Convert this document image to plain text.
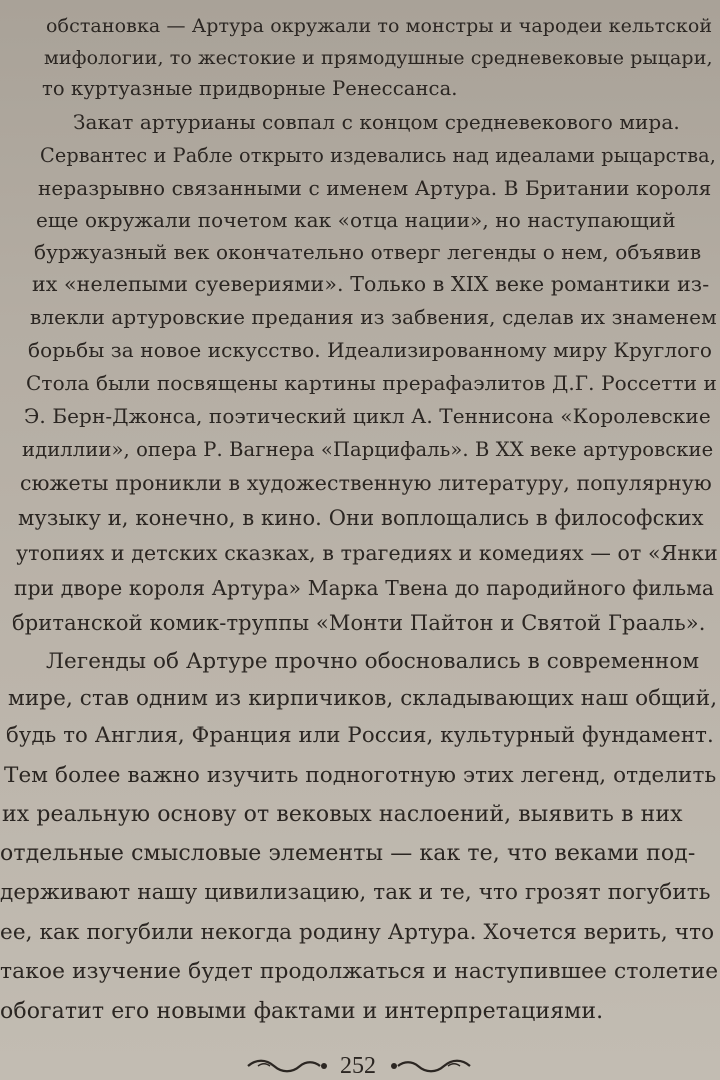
обстановка — Артура окружали то монстры и чародеи кельтской
мифологии, то жестокие и прямодушные средневековые рыцари,
то куртуазные придворные Ренессанса.
Закат артурианы совпал с концом средневекового мира.
Сервантес и Рабле открыто издевались над идеалами рыцарства,
неразрывно связанными с именем Артура. В Британии короля
еще окружали почетом как «отца нации», но наступающий
буржуазный век окончательно отверг легенды о нем, объявив
их «нелепыми суевериями». Только в XIX веке романтики из-
влекли артуровские предания из забвения, сделав их знаменем
борьбы за новое искусство. Идеализированному миру Круглого
Стола были посвящены картины прерафаэлитов Д.Г. Россетти и
Э. Берн-Джонса, поэтический цикл А. Теннисона «Королевские
идиллии», опера Р. Вагнера «Парцифаль». В XX веке артуровские
сюжеты проникли в художественную литературу, популярную
музыку и, конечно, в кино. Они воплощались в философских
утопиях и детских сказках, в трагедиях и комедиях — от «Янки
при дворе короля Артура» Марка Твена до пародийного фильма
британской комик-труппы «Монти Пайтон и Святой Грааль».
Легенды об Артуре прочно обосновались в современном
мире, став одним из кирпичиков, складывающих наш общий,
будь то Англия, Франция или Россия, культурный фундамент.
Тем более важно изучить подноготную этих легенд, отделить
их реальную основу от вековых наслоений, выявить в них
отдельные смысловые элементы — как те, что веками под-
держивают нашу цивилизацию, так и те, что грозят погубить
ее, как погубили некогда родину Артура. Хочется верить, что
такое изучение будет продолжаться и наступившее столетие
обогатит его новыми фактами и интерпретациями.
252
